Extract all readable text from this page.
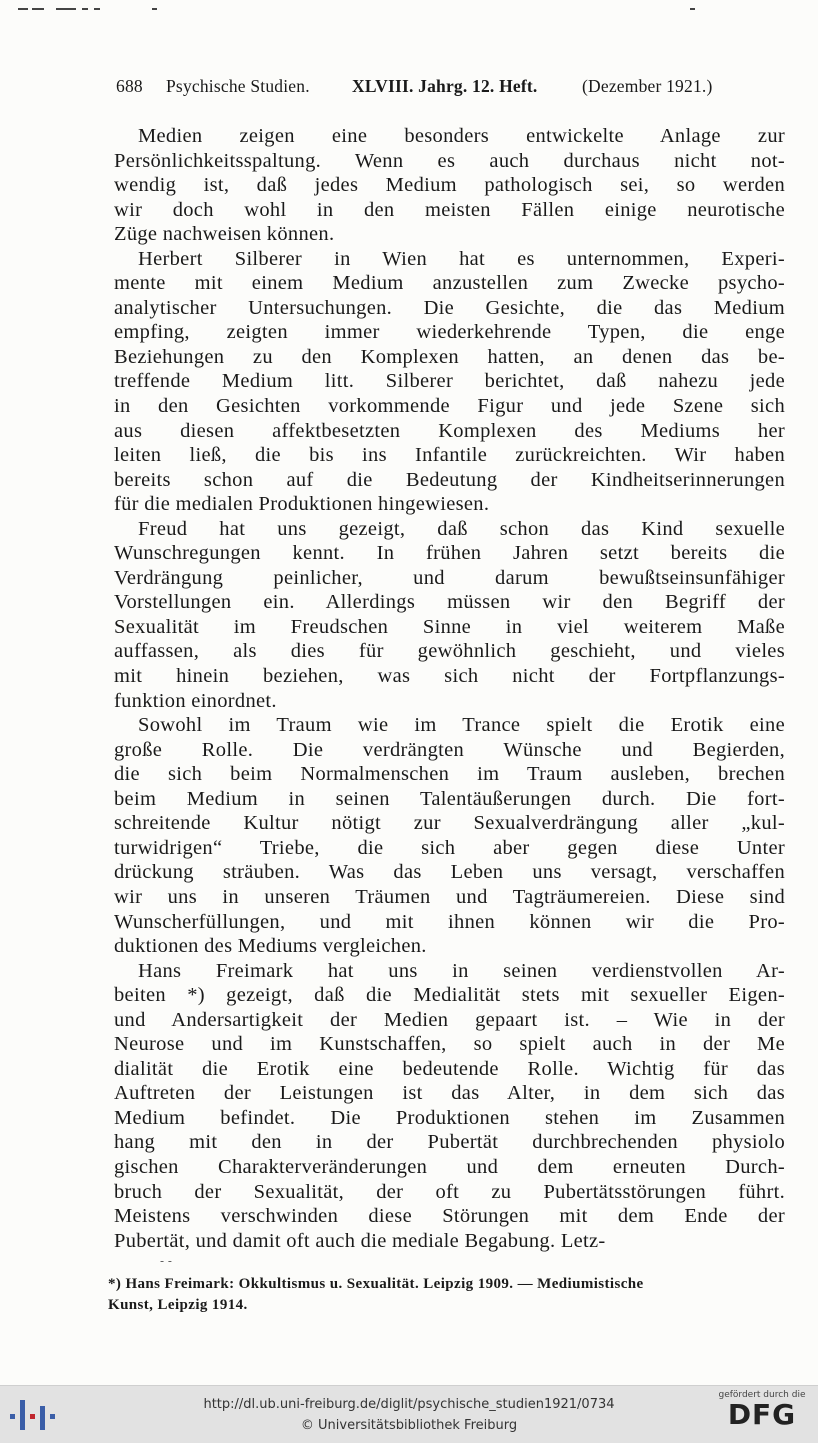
688 Psychische Studien. XLVIII. Jahrg. 12. Heft.	(Dezember 1921.)
Medien zeigen eine besonders entwickelte Anlage zur
Persönlichkeitsspaltung. Wenn es auch durchaus nicht not-
wendig ist, daß jedes Medium pathologisch sei, so werden
wir doch wohl in den meisten Fällen einige neurotische
Züge nachweisen können.
Herbert Silberer in Wien hat es unternommen, Experi-
mente mit einem Medium anzustellen zum Zwecke psycho-
analytischer Untersuchungen. Die Gesichte, die das Medium
empfing, zeigten immer wiederkehrende Typen, die enge
Beziehungen zu den Komplexen hatten, an denen das be-
treffende Medium litt. Silberer berichtet, daß nahezu jede
in den Gesichten vorkommende Figur und jede Szene sich
aus diesen affektbesetzten Komplexen des Mediums her
leiten ließ, die bis ins Infantile zurückreichten. Wir haben
bereits schon auf die Bedeutung der Kindheitserinnerungen
für die medialen Produktionen hingewiesen.
Freud hat uns gezeigt, daß schon das Kind sexuelle
Wunschregungen kennt. In frühen Jahren setzt bereits die
Verdrängung peinlicher, und darum bewußtseinsunfähiger
Vorstellungen ein. Allerdings müssen wir den Begriff der
Sexualität im Freudschen Sinne in viel weiterem Maße
auffassen, als dies für gewöhnlich geschieht, und vieles
mit hinein beziehen, was sich nicht der Fortpflanzungs-
funktion einordnet.
Sowohl im Traum wie im Trance spielt die Erotik eine
große Rolle. Die verdrängten Wünsche und Begierden,
die sich beim Normalmenschen im Traum ausleben, brechen
beim Medium in seinen Talentäußerungen durch. Die fort-
schreitende Kultur nötigt zur Sexualverdrängung aller „kul-
turwidrigen“ Triebe, die sich aber gegen diese Unter
drückung sträuben. Was das Leben uns versagt, verschaffen
wir uns in unseren Träumen und Tagträumereien. Diese sind
Wunscherfüllungen, und mit ihnen können wir die Pro-
duktionen des Mediums vergleichen.
Hans Freimark hat uns in seinen verdienstvollen Ar-
beiten *) gezeigt, daß die Medialität stets mit sexueller Eigen-
und Andersartigkeit der Medien gepaart ist. – Wie in der
Neurose und im Kunstschaffen, so spielt auch in der Me
dialität die Erotik eine bedeutende Rolle. Wichtig für das
Auftreten der Leistungen ist das Alter, in dem sich das
Medium befindet. Die Produktionen stehen im Zusammen
hang mit den in der Pubertät durchbrechenden physiolo
gischen Charakterveränderungen und dem erneuten Durch-
bruch der Sexualität, der oft zu Pubertätsstörungen führt.
Meistens verschwinden diese Störungen mit dem Ende der
Pubertät, und damit oft auch die mediale Begabung. Letz-
- -
*) Hans Freimark: Okkultismus u. Sexualität. Leipzig 1909. — Mediumistische
Kunst, Leipzig 1914.
http://dl.ub.uni-freiburg.de/diglit/psychische_studien1921/0734
© Universitätsbibliothek Freiburg
gefördert durch die
DFG
